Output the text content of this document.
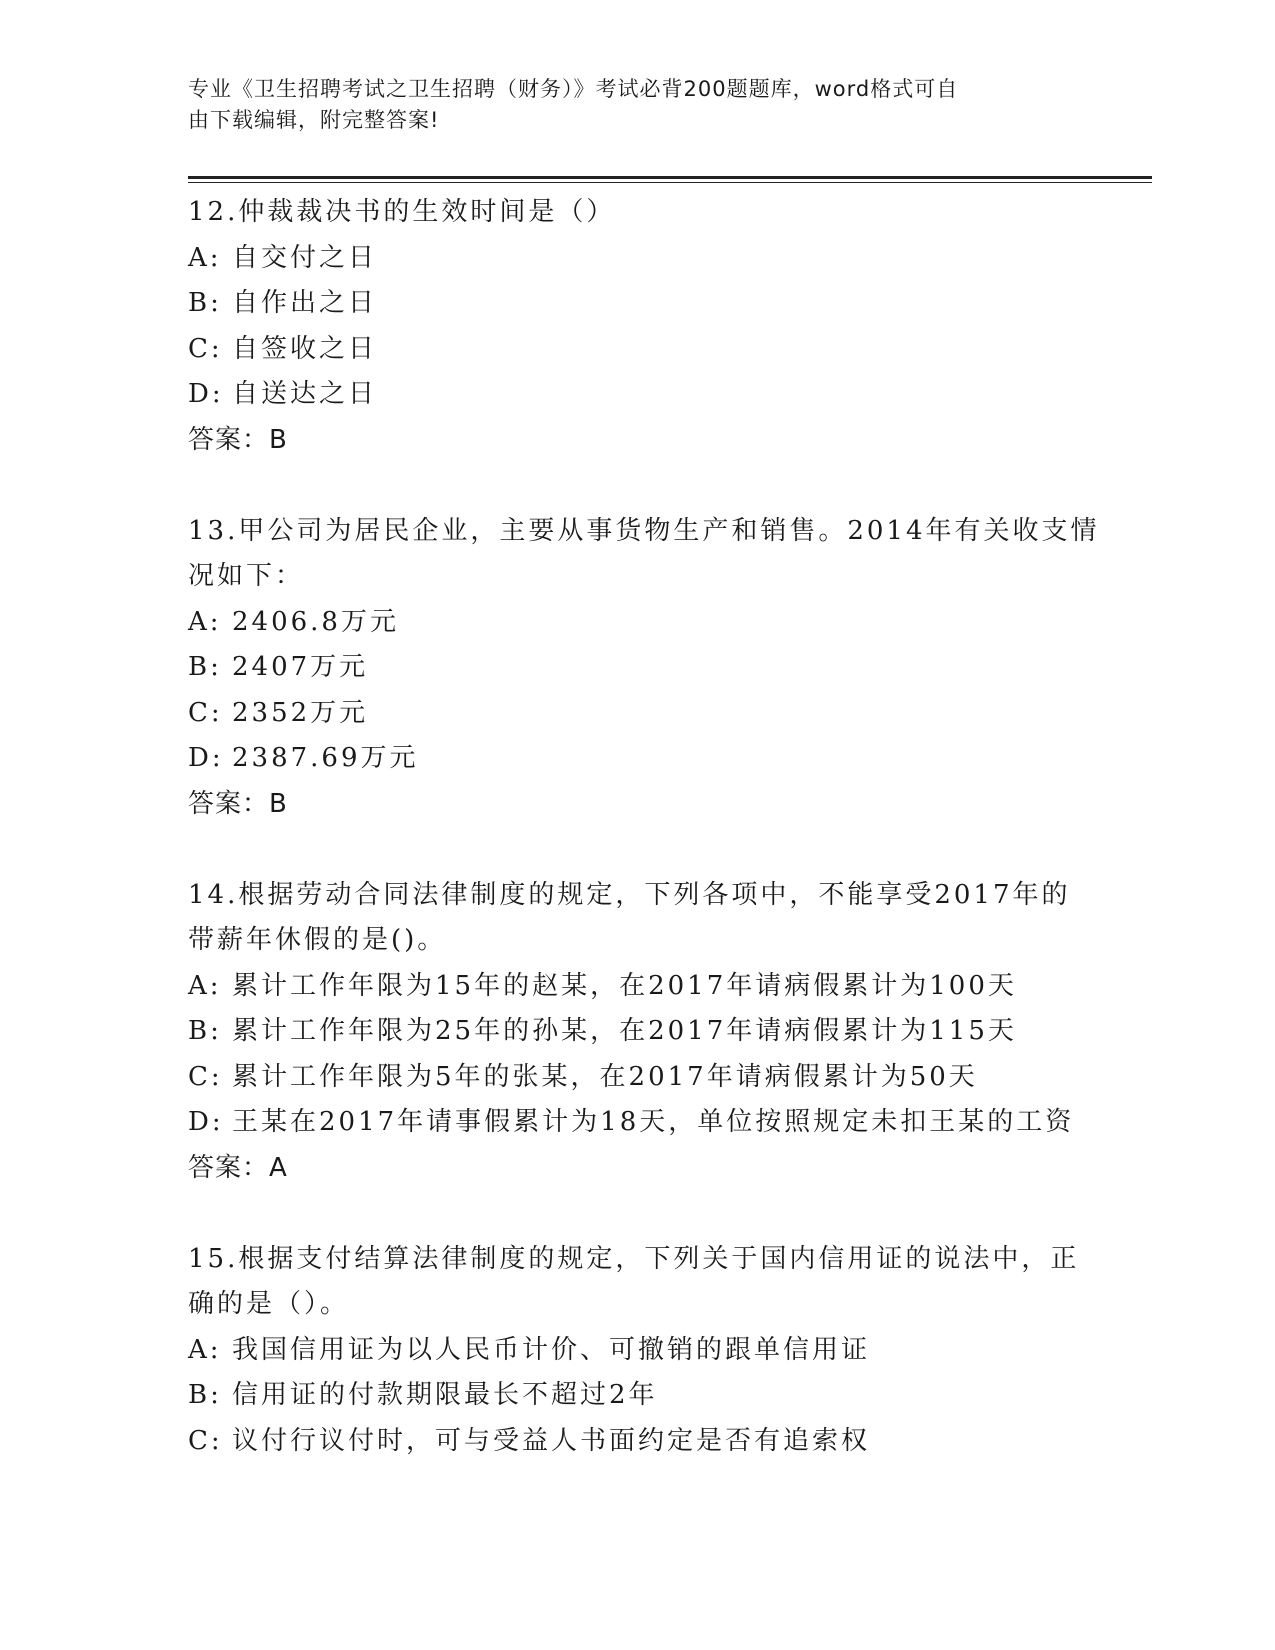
专业《卫生招聘考试之卫生招聘（财务）》考试必背200题题库，word格式可自
由下载编辑，附完整答案!
12.仲裁裁决书的生效时间是（）
A: 自交付之日
B: 自作出之日
C: 自签收之日
D: 自送达之日
答案：B
13.甲公司为居民企业，主要从事货物生产和销售。2014年有关收支情
况如下：
A: 2406.8万元
B: 2407万元
C: 2352万元
D: 2387.69万元
答案：B
14.根据劳动合同法律制度的规定，下列各项中，不能享受2017年的
带薪年休假的是()。
A: 累计工作年限为15年的赵某，在2017年请病假累计为100天
B: 累计工作年限为25年的孙某，在2017年请病假累计为115天
C: 累计工作年限为5年的张某，在2017年请病假累计为50天
D: 王某在2017年请事假累计为18天，单位按照规定未扣王某的工资
答案：A
15.根据支付结算法律制度的规定，下列关于国内信用证的说法中，正
确的是（）。
A: 我国信用证为以人民币计价、可撤销的跟单信用证
B: 信用证的付款期限最长不超过2年
C: 议付行议付时，可与受益人书面约定是否有追索权
